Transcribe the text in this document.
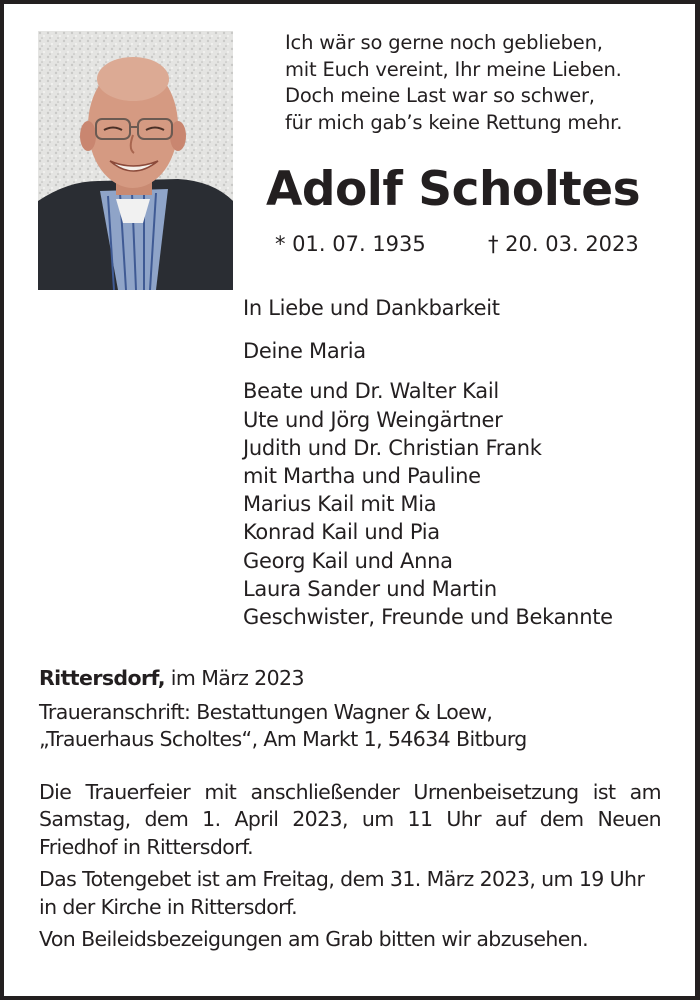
Ich wär so gerne noch geblieben,
mit Euch vereint, Ihr meine Lieben.
Doch meine Last war so schwer,
für mich gab’s keine Rettung mehr.
Adolf Scholtes
* 01. 07. 1935	† 20. 03. 2023
In Liebe und Dankbarkeit
Deine Maria
Beate und Dr. Walter Kail
Ute und Jörg Weingärtner
Judith und Dr. Christian Frank
mit Martha und Pauline
Marius Kail mit Mia
Konrad Kail und Pia
Georg Kail und Anna
Laura Sander und Martin
Geschwister, Freunde und Bekannte

Rittersdorf, im März 2023

Traueranschrift: Bestattungen Wagner & Loew,
„Trauerhaus Scholtes“, Am Markt 1, 54634 Bitburg

Die Trauerfeier mit anschließender Urnenbeisetzung ist am Samstag, dem 1. April 2023, um 11 Uhr auf dem Neuen Friedhof in Rittersdorf.

Das Totengebet ist am Freitag, dem 31. März 2023, um 19 Uhr in der Kirche in Rittersdorf.

Von Beileidsbezeigungen am Grab bitten wir abzusehen.
